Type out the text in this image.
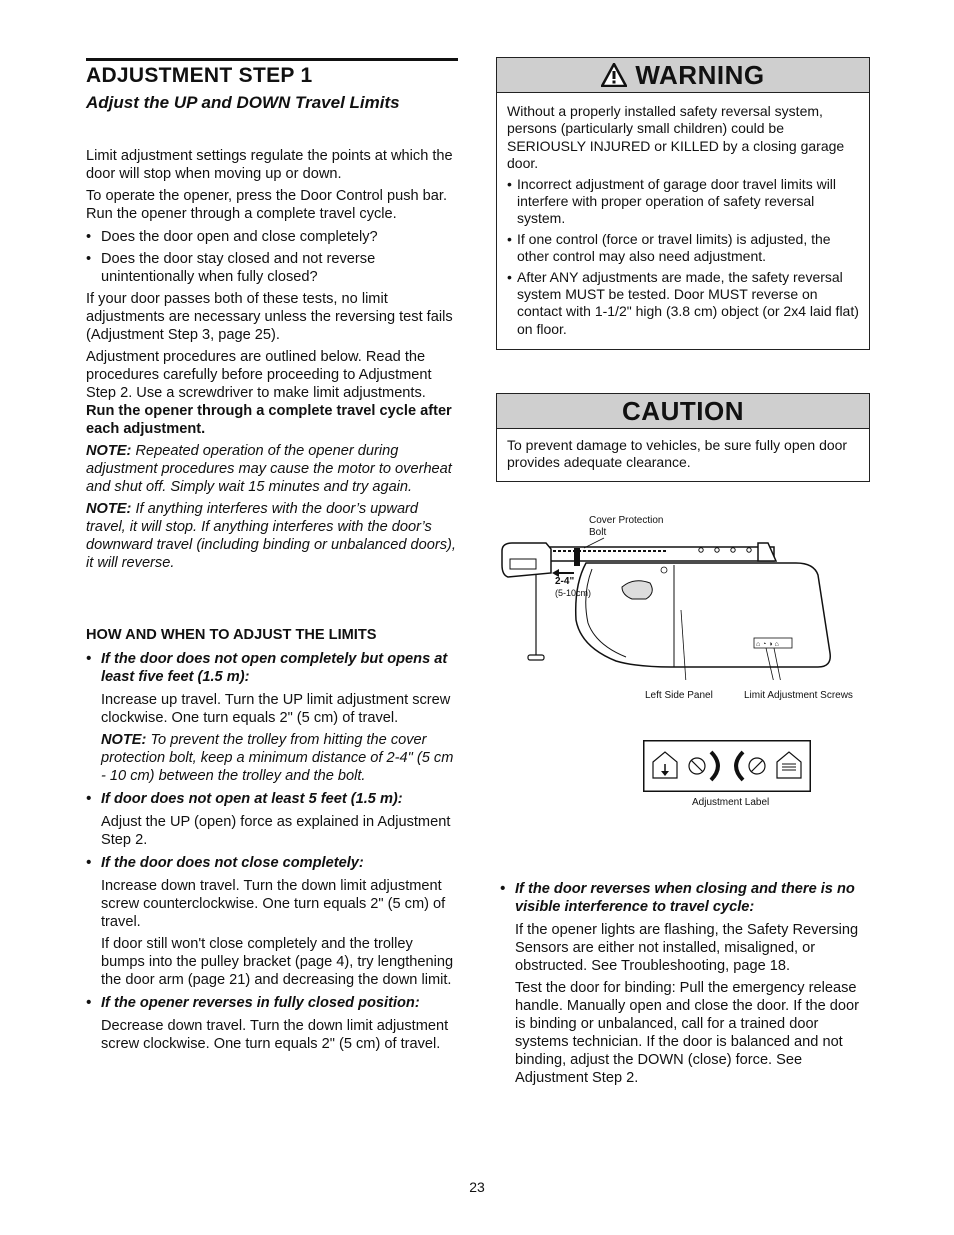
ADJUSTMENT STEP 1
Adjust the UP and DOWN Travel Limits

Limit adjustment settings regulate the points at which the door will stop when moving up or down.

To operate the opener, press the Door Control push bar. Run the opener through a complete travel cycle.

• Does the door open and close completely?
• Does the door stay closed and not reverse unintentionally when fully closed?

If your door passes both of these tests, no limit adjustments are necessary unless the reversing test fails (Adjustment Step 3, page 25).

Adjustment procedures are outlined below. Read the procedures carefully before proceeding to Adjustment Step 2. Use a screwdriver to make limit adjustments. Run the opener through a complete travel cycle after each adjustment.

NOTE: Repeated operation of the opener during adjustment procedures may cause the motor to overheat and shut off. Simply wait 15 minutes and try again.

NOTE: If anything interferes with the door’s upward travel, it will stop. If anything interferes with the door’s downward travel (including binding or unbalanced doors), it will reverse.

HOW AND WHEN TO ADJUST THE LIMITS

• If the door does not open completely but opens at least five feet (1.5 m):

Increase up travel. Turn the UP limit adjustment screw clockwise. One turn equals 2" (5 cm) of travel.

NOTE: To prevent the trolley from hitting the cover protection bolt, keep a minimum distance of 2-4" (5 cm - 10 cm) between the trolley and the bolt.

• If door does not open at least 5 feet (1.5 m):

Adjust the UP (open) force as explained in Adjustment Step 2.

• If the door does not close completely:

Increase down travel. Turn the down limit adjustment screw counterclockwise. One turn equals 2" (5 cm) of travel.

If door still won't close completely and the trolley bumps into the pulley bracket (page 4), try lengthening the door arm (page 21) and decreasing the down limit.

• If the opener reverses in fully closed position:

Decrease down travel. Turn the down limit adjustment screw clockwise. One turn equals 2" (5 cm) of travel.

WARNING

Without a properly installed safety reversal system, persons (particularly small children) could be SERIOUSLY INJURED or KILLED by a closing garage door.

• Incorrect adjustment of garage door travel limits will interfere with proper operation of safety reversal system.
• If one control (force or travel limits) is adjusted, the other control may also need adjustment.
• After ANY adjustments are made, the safety reversal system MUST be tested. Door MUST reverse on contact with 1-1/2" high (3.8 cm) object (or 2x4 laid flat) on floor.
CAUTION
To prevent damage to vehicles, be sure fully open door provides adequate clearance.
⌂ ◔ ◑ ⌂
Cover Protection
Bolt
2-4"
(5-10cm)
Left Side Panel	Limit Adjustment Screws
Adjustment Label
• If the door reverses when closing and there is no visible interference to travel cycle:

If the opener lights are flashing, the Safety Reversing Sensors are either not installed, misaligned, or obstructed. See Troubleshooting, page 18.

Test the door for binding: Pull the emergency release handle. Manually open and close the door. If the door is binding or unbalanced, call for a trained door systems technician. If the door is balanced and not binding, adjust the DOWN (close) force. See Adjustment Step 2.

23
